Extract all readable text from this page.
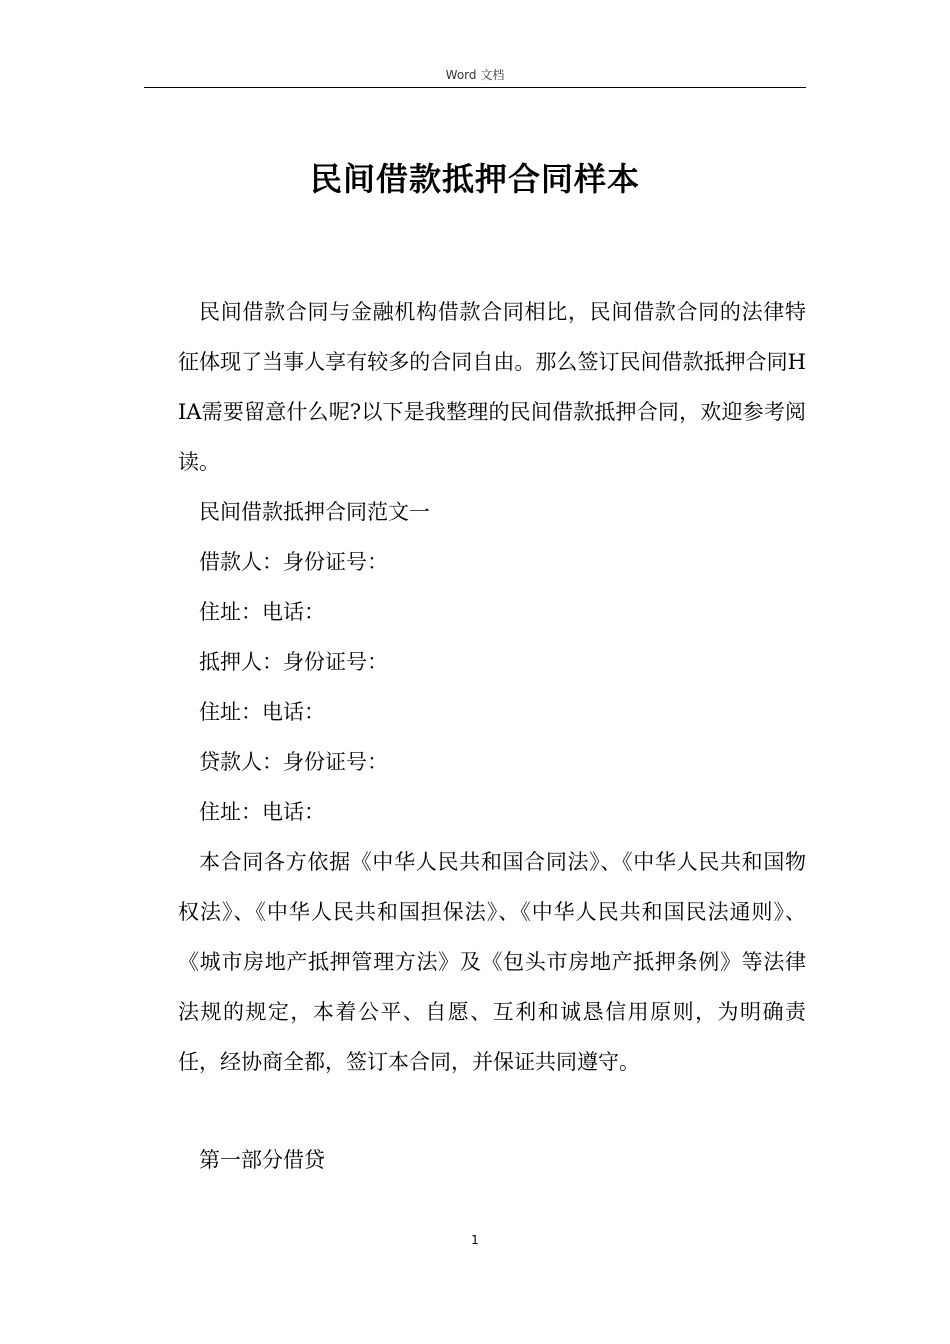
Word 文档
民间借款抵押合同样本

民间借款合同与金融机构借款合同相比，民间借款合同的法律特征体现了当事人享有较多的合同自由。那么签订民间借款抵押合同HIA需要留意什么呢?以下是我整理的民间借款抵押合同，欢迎参考阅读。

民间借款抵押合同范文一

借款人：身份证号：

住址：电话：

抵押人：身份证号：

住址：电话：

贷款人：身份证号：

住址：电话：

本合同各方依据《中华人民共和国合同法》、《中华人民共和国物权法》、《中华人民共和国担保法》、《中华人民共和国民法通则》、《城市房地产抵押管理方法》及《包头市房地产抵押条例》等法律法规的规定，本着公平、自愿、互利和诚恳信用原则，为明确责任，经协商全都，签订本合同，并保证共同遵守。

第一部分借贷

1
